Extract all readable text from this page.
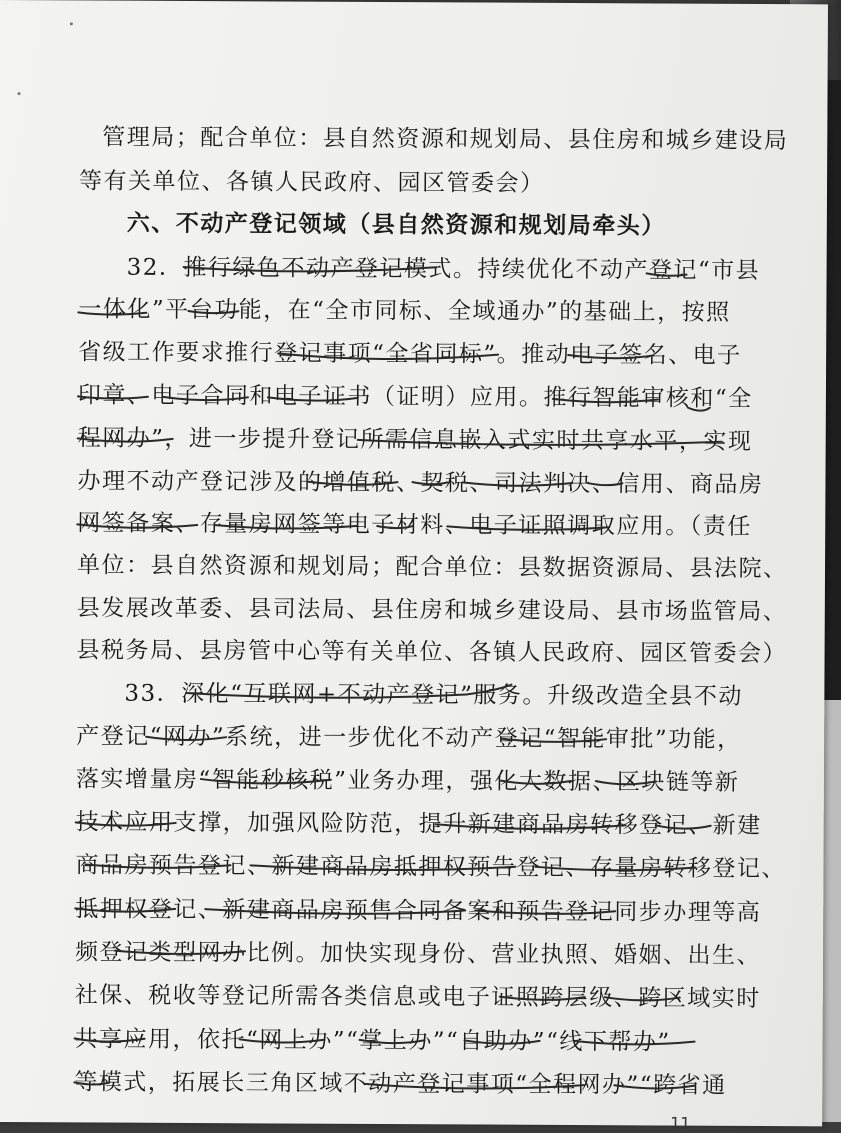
管理局；配合单位：县自然资源和规划局、县住房和城乡建设局
等有关单位、各镇人民政府、园区管委会）
六、不动产登记领域（县自然资源和规划局牵头）
32．推行绿色不动产登记模式。持续优化不动产登记“市县
一体化”平台功能，在“全市同标、全域通办”的基础上，按照
省级工作要求推行登记事项“全省同标”。推动电子签名、电子
印章、电子合同和电子证书（证明）应用。推行智能审核和“全
程网办”，进一步提升登记所需信息嵌入式实时共享水平，实现
办理不动产登记涉及的增值税、契税、司法判决、信用、商品房
网签备案、存量房网签等电子材料、电子证照调取应用。（责任
单位：县自然资源和规划局；配合单位：县数据资源局、县法院、
县发展改革委、县司法局、县住房和城乡建设局、县市场监管局、
县税务局、县房管中心等有关单位、各镇人民政府、园区管委会）
33．深化“互联网+不动产登记”服务。升级改造全县不动
产登记“网办”系统，进一步优化不动产登记“智能审批”功能，
落实增量房“智能秒核税”业务办理，强化大数据、区块链等新
技术应用支撑，加强风险防范，提升新建商品房转移登记、新建
商品房预告登记、新建商品房抵押权预告登记、存量房转移登记、
抵押权登记、新建商品房预售合同备案和预告登记同步办理等高
频登记类型网办比例。加快实现身份、营业执照、婚姻、出生、
社保、税收等登记所需各类信息或电子证照跨层级、跨区域实时
共享应用，依托“网上办”“掌上办”“自助办”“线下帮办”
等模式，拓展长三角区域不动产登记事项“全程网办”“跨省通
11
